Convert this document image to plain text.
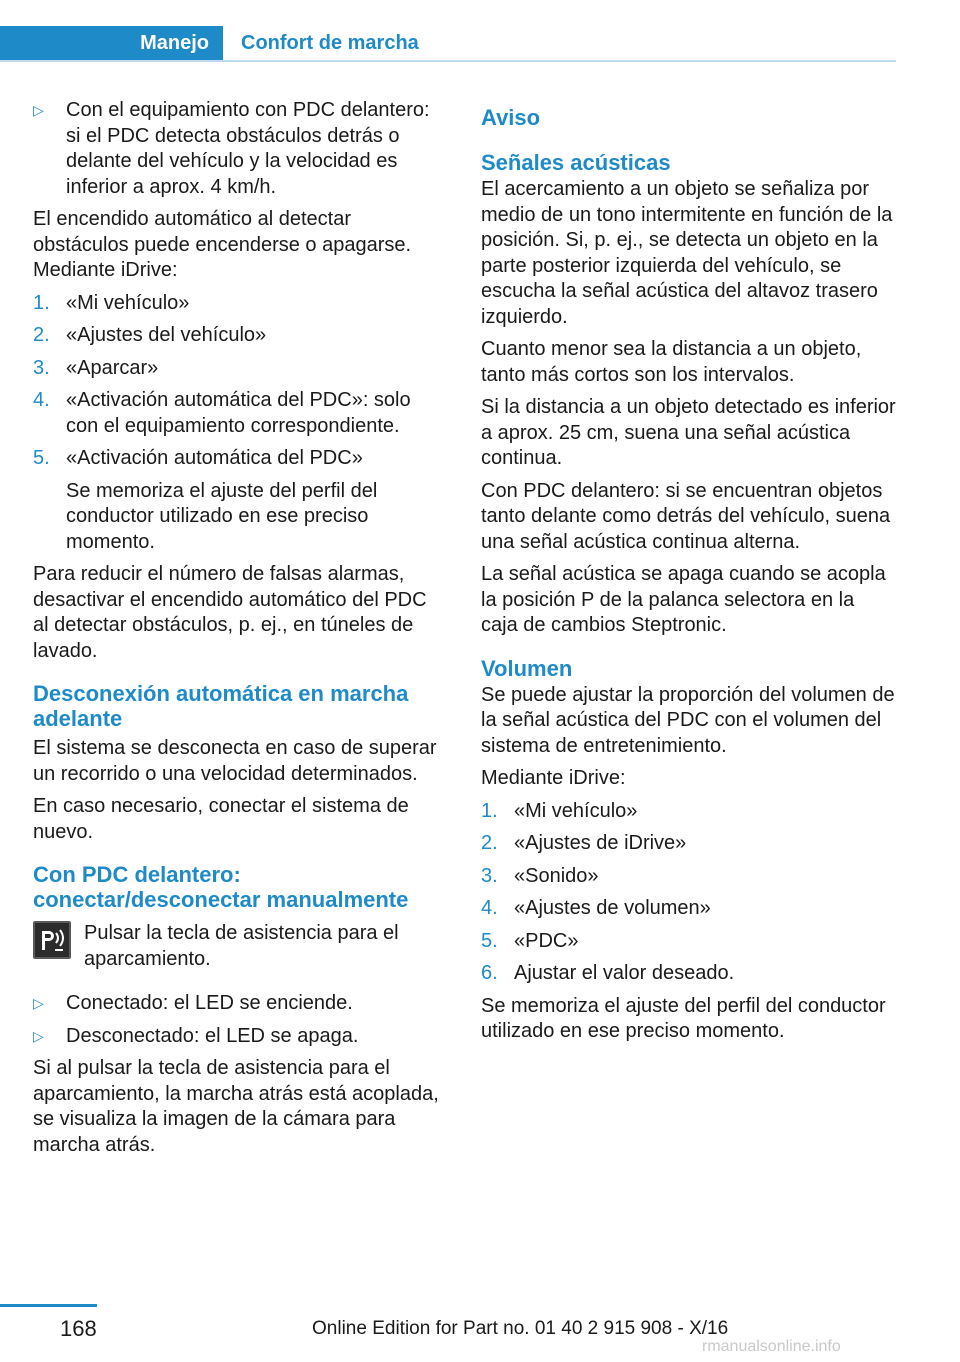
Manejo	Confort de marcha
▷ Con el equipamiento con PDC delantero: si el PDC detecta obstáculos detrás o delante del vehículo y la velocidad es inferior a aprox. 4 km/h.

El encendido automático al detectar obstáculos puede encenderse o apagarse. Mediante iDrive:

1. «Mi vehículo»
2. «Ajustes del vehículo»
3. «Aparcar»
4. «Activación automática del PDC»: solo con el equipamiento correspondiente.
5. «Activación automática del PDC»

Se memoriza el ajuste del perfil del conductor utilizado en ese preciso momento.

Para reducir el número de falsas alarmas, desactivar el encendido automático del PDC al detectar obstáculos, p. ej., en túneles de lavado.

Desconexión automática en marcha adelante

El sistema se desconecta en caso de superar un recorrido o una velocidad determinados.

En caso necesario, conectar el sistema de nuevo.

Con PDC delantero: conectar/desconectar manualmente
Pulsar la tecla de asistencia para el aparcamiento.
▷ Conectado: el LED se enciende.
▷ Desconectado: el LED se apaga.

Si al pulsar la tecla de asistencia para el aparcamiento, la marcha atrás está acoplada, se visualiza la imagen de la cámara para marcha atrás.

Aviso
Señales acústicas

El acercamiento a un objeto se señaliza por medio de un tono intermitente en función de la posición. Si, p. ej., se detecta un objeto en la parte posterior izquierda del vehículo, se escucha la señal acústica del altavoz trasero izquierdo.

Cuanto menor sea la distancia a un objeto, tanto más cortos son los intervalos.

Si la distancia a un objeto detectado es inferior a aprox. 25 cm, suena una señal acústica continua.

Con PDC delantero: si se encuentran objetos tanto delante como detrás del vehículo, suena una señal acústica continua alterna.

La señal acústica se apaga cuando se acopla la posición P de la palanca selectora en la caja de cambios Steptronic.

Volumen

Se puede ajustar la proporción del volumen de la señal acústica del PDC con el volumen del sistema de entretenimiento.

Mediante iDrive:

1. «Mi vehículo»
2. «Ajustes de iDrive»
3. «Sonido»
4. «Ajustes de volumen»
5. «PDC»
6. Ajustar el valor deseado.

Se memoriza el ajuste del perfil del conductor utilizado en ese preciso momento.

168	Online Edition for Part no. 01 40 2 915 908 - X/16
rmanualsonline.info
